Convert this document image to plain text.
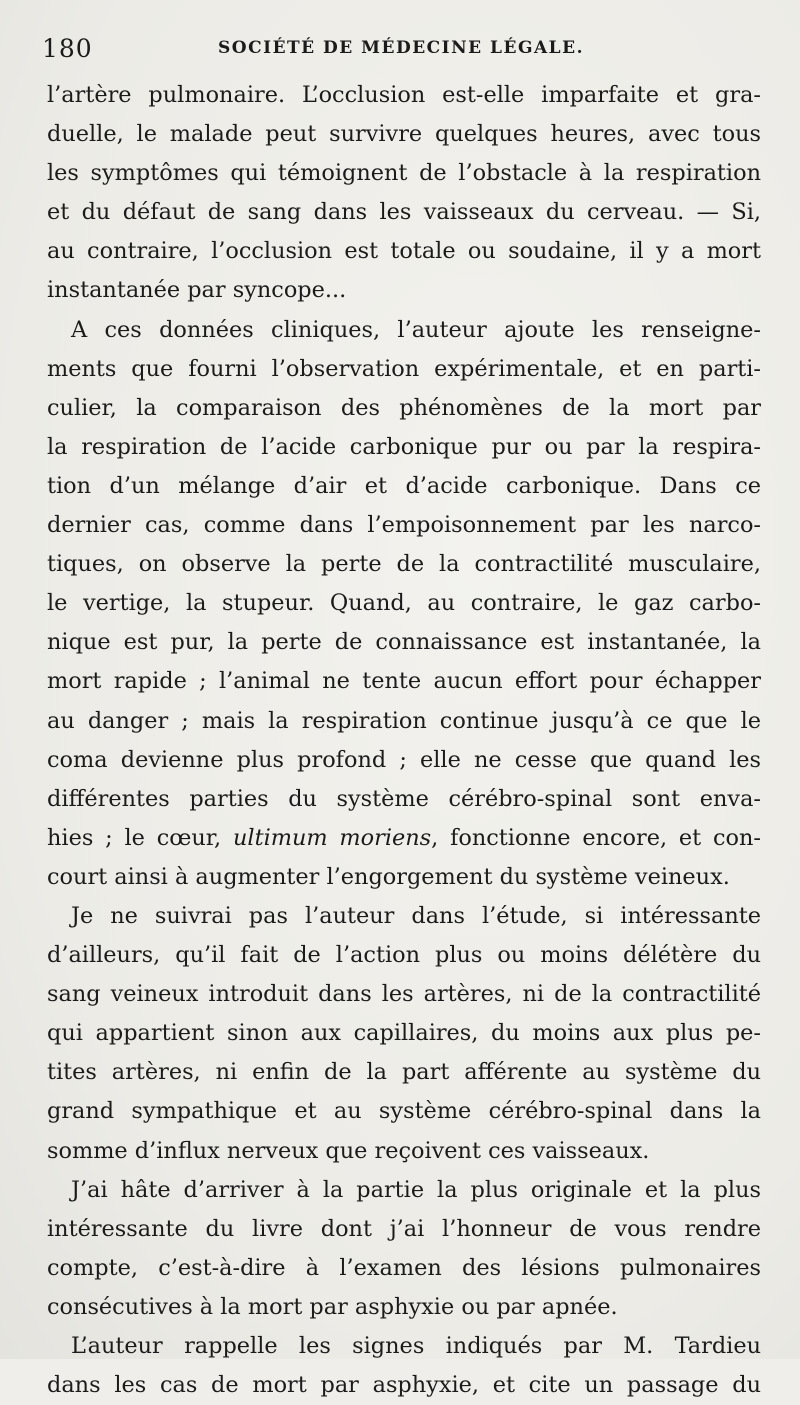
180	SOCIÉTÉ DE MÉDECINE LÉGALE.
l’artère pulmonaire. L’occlusion est-elle imparfaite et gra-
duelle, le malade peut survivre quelques heures, avec tous
les symptômes qui témoignent de l’obstacle à la respiration
et du défaut de sang dans les vaisseaux du cerveau. — Si,
au contraire, l’occlusion est totale ou soudaine, il y a mort
instantanée par syncope...
A ces données cliniques, l’auteur ajoute les renseigne-
ments que fourni l’observation expérimentale, et en parti-
culier, la comparaison des phénomènes de la mort par
la respiration de l’acide carbonique pur ou par la respira-
tion d’un mélange d’air et d’acide carbonique. Dans ce
dernier cas, comme dans l’empoisonnement par les narco-
tiques, on observe la perte de la contractilité musculaire,
le vertige, la stupeur. Quand, au contraire, le gaz carbo-
nique est pur, la perte de connaissance est instantanée, la
mort rapide ; l’animal ne tente aucun effort pour échapper
au danger ; mais la respiration continue jusqu’à ce que le
coma devienne plus profond ; elle ne cesse que quand les
différentes parties du système cérébro-spinal sont enva-
hies ; le cœur, ultimum moriens, fonctionne encore, et con-
court ainsi à augmenter l’engorgement du système veineux.
Je ne suivrai pas l’auteur dans l’étude, si intéressante
d’ailleurs, qu’il fait de l’action plus ou moins délétère du
sang veineux introduit dans les artères, ni de la contractilité
qui appartient sinon aux capillaires, du moins aux plus pe-
tites artères, ni enfin de la part afférente au système du
grand sympathique et au système cérébro-spinal dans la
somme d’influx nerveux que reçoivent ces vaisseaux.
J’ai hâte d’arriver à la partie la plus originale et la plus
intéressante du livre dont j’ai l’honneur de vous rendre
compte, c’est-à-dire à l’examen des lésions pulmonaires
consécutives à la mort par asphyxie ou par apnée.
L’auteur rappelle les signes indiqués par M. Tardieu
dans les cas de mort par asphyxie, et cite un passage du
